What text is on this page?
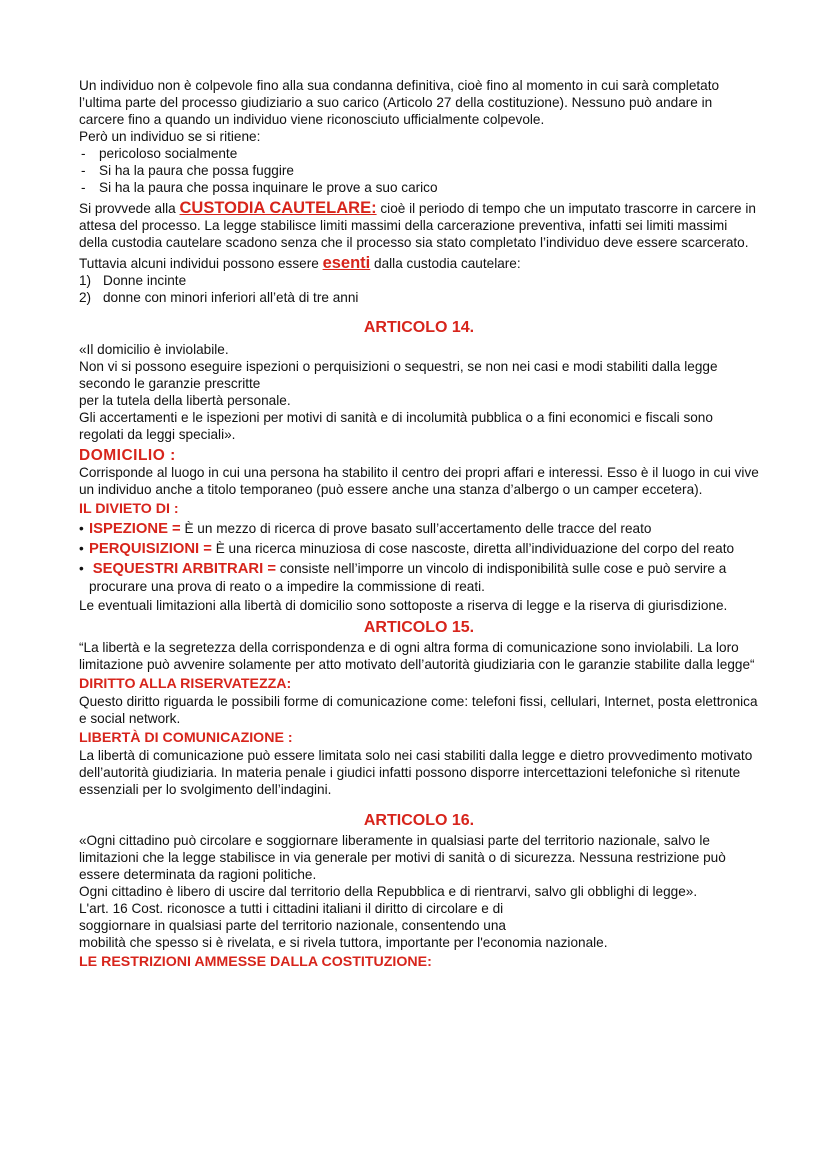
Un individuo non è colpevole fino alla sua condanna definitiva, cioè fino al momento in cui sarà completato l’ultima parte del processo giudiziario a suo carico (Articolo 27 della costituzione). Nessuno può andare in carcere fino a quando un individuo viene riconosciuto ufficialmente colpevole.

Però un individuo se si ritiene:

- pericoloso socialmente
- Si ha la paura che possa fuggire
- Si ha la paura che possa inquinare le prove a suo carico

Si provvede alla CUSTODIA CAUTELARE: cioè il periodo di tempo che un imputato trascorre in carcere in attesa del processo. La legge stabilisce limiti massimi della carcerazione preventiva, infatti sei limiti massimi della custodia cautelare scadono senza che il processo sia stato completato l’individuo deve essere scarcerato.

Tuttavia alcuni individui possono essere esenti dalla custodia cautelare:

1) Donne incinte
2) donne con minori inferiori all’età di tre anni
ARTICOLO 14.

«Il domicilio è inviolabile.

Non vi si possono eseguire ispezioni o perquisizioni o sequestri, se non nei casi e modi stabiliti dalla legge secondo le garanzie prescritte

per la tutela della libertà personale.

Gli accertamenti e le ispezioni per motivi di sanità e di incolumità pubblica o a fini economici e fiscali sono regolati da leggi speciali».

DOMICILIO :

Corrisponde al luogo in cui una persona ha stabilito il centro dei propri affari e interessi. Esso è il luogo in cui vive un individuo anche a titolo temporaneo (può essere anche una stanza d’albergo o un camper eccetera).

IL DIVIETO DI :
• ISPEZIONE = È un mezzo di ricerca di prove basato sull’accertamento delle tracce del reato
• PERQUISIZIONI = È una ricerca minuziosa di cose nascoste, diretta all’individuazione del corpo del reato
• SEQUESTRI ARBITRARI = consiste nell’imporre un vincolo di indisponibilità sulle cose e può servire a procurare una prova di reato o a impedire la commissione di reati.

Le eventuali limitazioni alla libertà di domicilio sono sottoposte a riserva di legge e la riserva di giurisdizione.

ARTICOLO 15.

“La libertà e la segretezza della corrispondenza e di ogni altra forma di comunicazione sono inviolabili. La loro limitazione può avvenire solamente per atto motivato dell’autorità giudiziaria con le garanzie stabilite dalla legge“

DIRITTO ALLA RISERVATEZZA:

Questo diritto riguarda le possibili forme di comunicazione come: telefoni fissi, cellulari, Internet, posta elettronica e social network.

LIBERTÀ DI COMUNICAZIONE :

La libertà di comunicazione può essere limitata solo nei casi stabiliti dalla legge e dietro provvedimento motivato dell’autorità giudiziaria. In materia penale i giudici infatti possono disporre intercettazioni telefoniche sì ritenute essenziali per lo svolgimento dell’indagini.

ARTICOLO 16.

«Ogni cittadino può circolare e soggiornare liberamente in qualsiasi parte del territorio nazionale, salvo le limitazioni che la legge stabilisce in via generale per motivi di sanità o di sicurezza. Nessuna restrizione può essere determinata da ragioni politiche.

Ogni cittadino è libero di uscire dal territorio della Repubblica e di rientrarvi, salvo gli obblighi di legge».

L'art. 16 Cost. riconosce a tutti i cittadini italiani il diritto di circolare e di

soggiornare in qualsiasi parte del territorio nazionale, consentendo una

mobilità che spesso si è rivelata, e si rivela tuttora, importante per l'economia nazionale.

LE RESTRIZIONI AMMESSE DALLA COSTITUZIONE:
